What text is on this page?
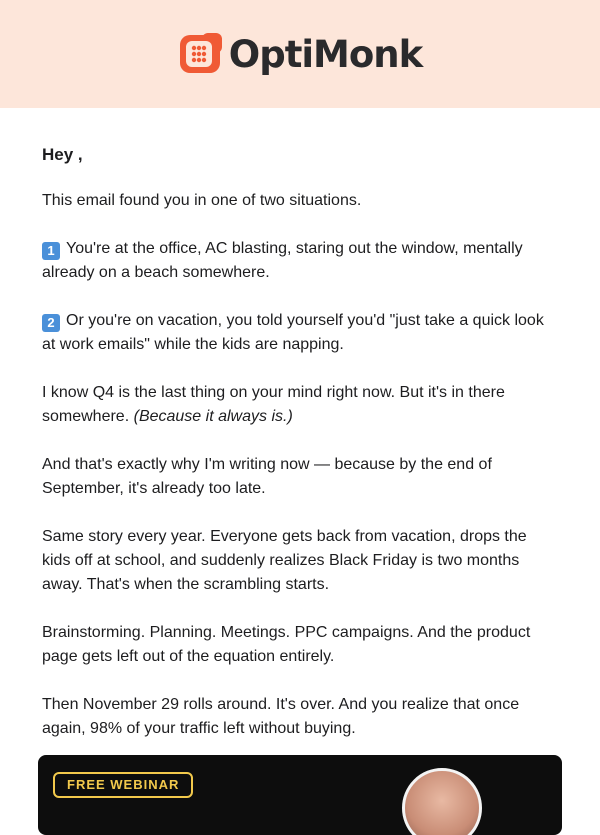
OptiMonk
Hey ,

This email found you in one of two situations.

1 You're at the office, AC blasting, staring out the window, mentally already on a beach somewhere.

2 Or you're on vacation, you told yourself you'd "just take a quick look at work emails" while the kids are napping.

I know Q4 is the last thing on your mind right now. But it's in there somewhere. (Because it always is.)

And that's exactly why I'm writing now — because by the end of September, it's already too late.

Same story every year. Everyone gets back from vacation, drops the kids off at school, and suddenly realizes Black Friday is two months away. That's when the scrambling starts.

Brainstorming. Planning. Meetings. PPC campaigns. And the product page gets left out of the equation entirely.

Then November 29 rolls around. It's over. And you realize that once again, 98% of your traffic left without buying.

FREE WEBINAR
